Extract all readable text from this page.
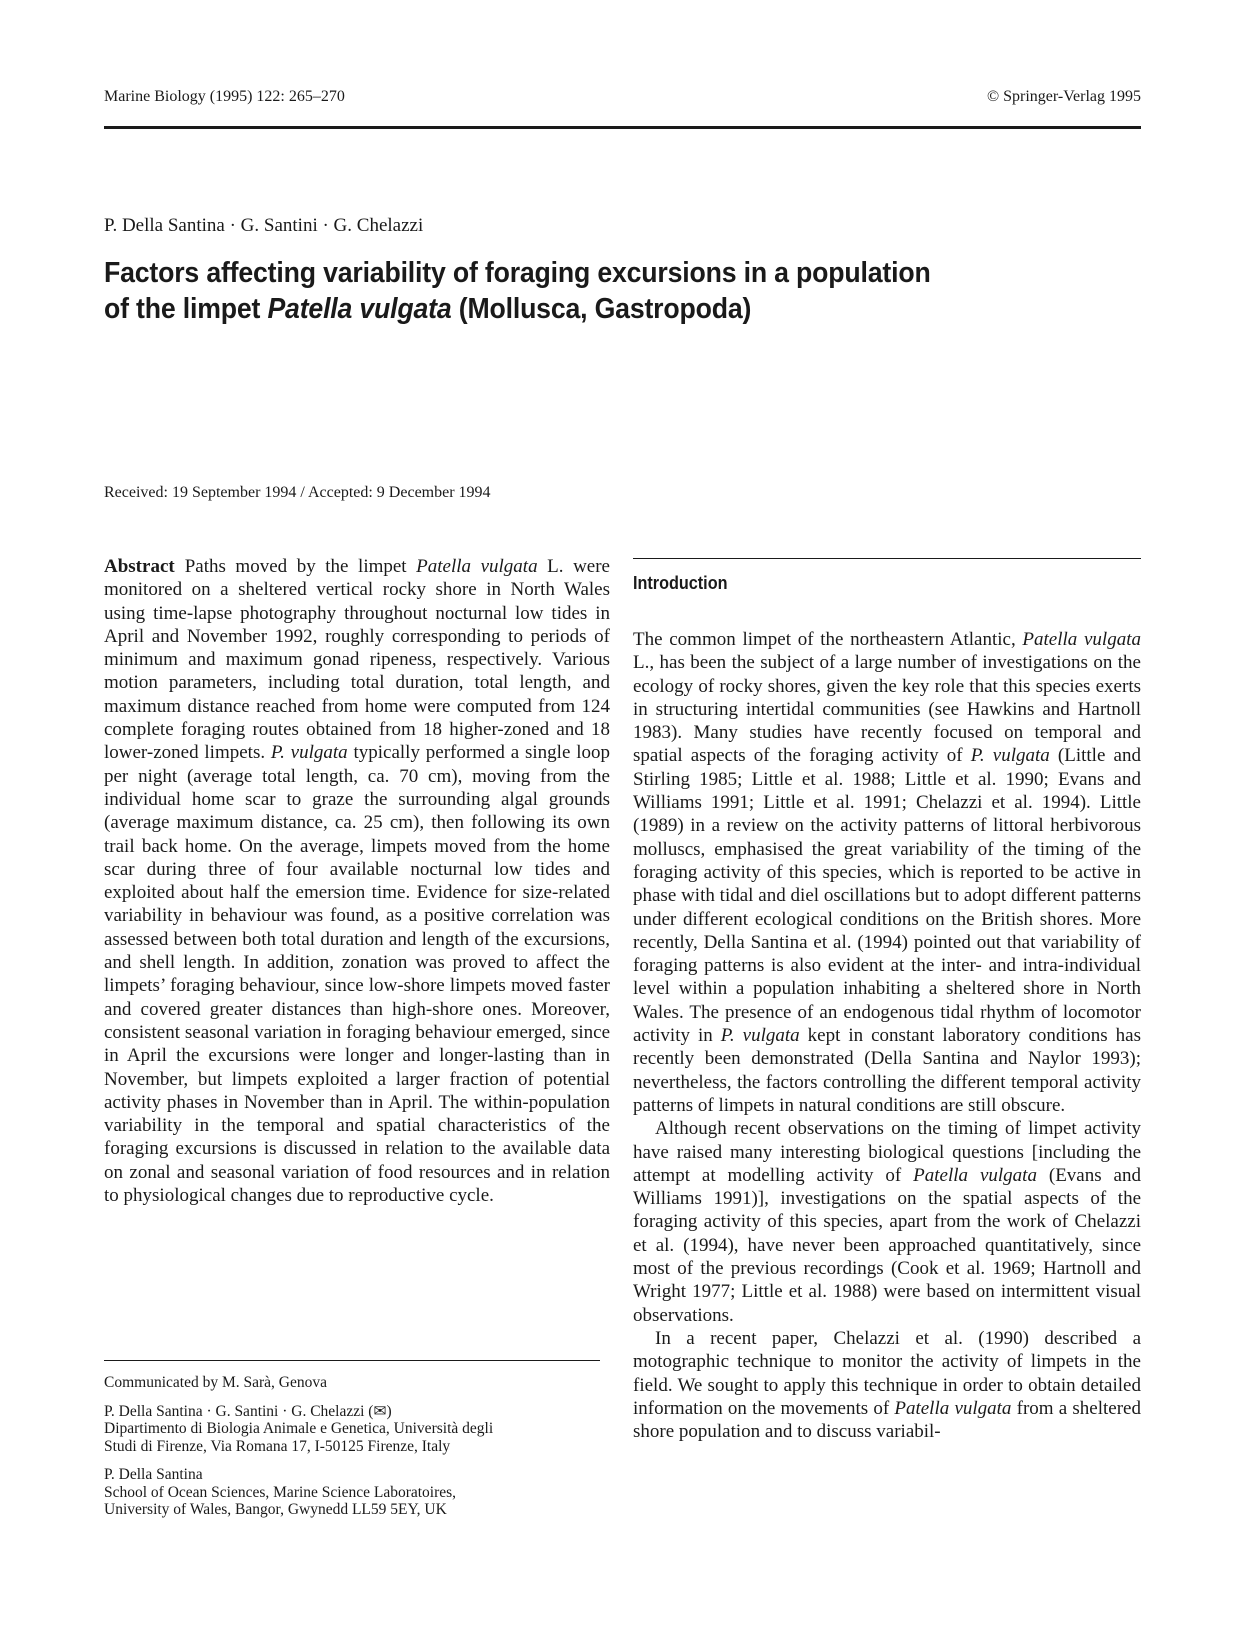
Marine Biology (1995) 122: 265–270	© Springer-Verlag 1995
P. Della Santina · G. Santini · G. Chelazzi
Factors affecting variability of foraging excursions in a population
of the limpet Patella vulgata (Mollusca, Gastropoda)
Received: 19 September 1994 / Accepted: 9 December 1994

Abstract Paths moved by the limpet Patella vulgata L. were monitored on a sheltered vertical rocky shore in North Wales using time-lapse photography throughout nocturnal low tides in April and November 1992, roughly corresponding to periods of minimum and maximum gonad ripeness, respectively. Various motion parameters, including total duration, total length, and maximum distance reached from home were computed from 124 complete foraging routes obtained from 18 higher-zoned and 18 lower-zoned limpets. P. vulgata typically performed a single loop per night (average total length, ca. 70 cm), moving from the individual home scar to graze the surrounding algal grounds (average maximum distance, ca. 25 cm), then following its own trail back home. On the average, limpets moved from the home scar during three of four available nocturnal low tides and exploited about half the emersion time. Evidence for size-related variability in behaviour was found, as a positive correlation was assessed between both total duration and length of the excursions, and shell length. In addition, zonation was proved to affect the limpets’ foraging behaviour, since low-shore limpets moved faster and covered greater distances than high-shore ones. Moreover, consistent seasonal variation in foraging behaviour emerged, since in April the excursions were longer and longer-lasting than in November, but limpets exploited a larger fraction of potential activity phases in November than in April. The within-population variability in the temporal and spatial characteristics of the foraging excursions is discussed in relation to the available data on zonal and seasonal variation of food resources and in relation to physiological changes due to reproductive cycle.

Communicated by M. Sarà, Genova

P. Della Santina · G. Santini · G. Chelazzi (✉)

Dipartimento di Biologia Animale e Genetica, Università degli

Studi di Firenze, Via Romana 17, I-50125 Firenze, Italy

P. Della Santina

School of Ocean Sciences, Marine Science Laboratoires,

University of Wales, Bangor, Gwynedd LL59 5EY, UK

Introduction

The common limpet of the northeastern Atlantic, Patella vulgata L., has been the subject of a large number of investigations on the ecology of rocky shores, given the key role that this species exerts in structuring intertidal communities (see Hawkins and Hartnoll 1983). Many studies have recently focused on temporal and spatial aspects of the foraging activity of P. vulgata (Little and Stirling 1985; Little et al. 1988; Little et al. 1990; Evans and Williams 1991; Little et al. 1991; Chelazzi et al. 1994). Little (1989) in a review on the activity patterns of littoral herbivorous molluscs, emphasised the great variability of the timing of the foraging activity of this species, which is reported to be active in phase with tidal and diel oscillations but to adopt different patterns under different ecological conditions on the British shores. More recently, Della Santina et al. (1994) pointed out that variability of foraging patterns is also evident at the inter- and intra-individual level within a population inhabiting a sheltered shore in North Wales. The presence of an endogenous tidal rhythm of locomotor activity in P. vulgata kept in constant laboratory conditions has recently been demonstrated (Della Santina and Naylor 1993); nevertheless, the factors controlling the different temporal activity patterns of limpets in natural conditions are still obscure.

Although recent observations on the timing of limpet activity have raised many interesting biological questions [including the attempt at modelling activity of Patella vulgata (Evans and Williams 1991)], investigations on the spatial aspects of the foraging activity of this species, apart from the work of Chelazzi et al. (1994), have never been approached quantitatively, since most of the previous recordings (Cook et al. 1969; Hartnoll and Wright 1977; Little et al. 1988) were based on intermittent visual observations.

In a recent paper, Chelazzi et al. (1990) described a motographic technique to monitor the activity of limpets in the field. We sought to apply this technique in order to obtain detailed information on the movements of Patella vulgata from a sheltered shore population and to discuss variabil-
